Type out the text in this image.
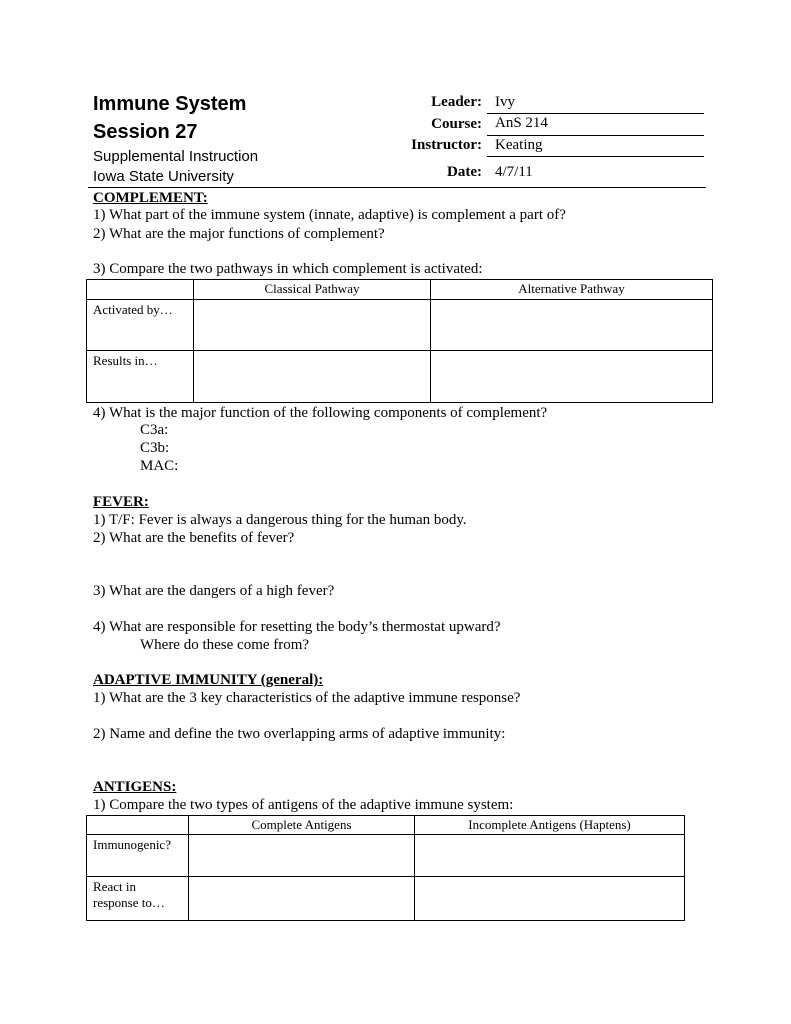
Immune System
Session 27
Supplemental Instruction
Iowa State University
Leader: Ivy
Course: AnS 214
Instructor: Keating
Date: 4/7/11
COMPLEMENT:
1) What part of the immune system (innate, adaptive) is complement a part of?
2) What are the major functions of complement?
3) Compare the two pathways in which complement is activated:
	Classical Pathway	Alternative Pathway
Activated by…		
Results in…		
4) What is the major function of the following components of complement?
C3a:
C3b:
MAC:
FEVER:
1) T/F: Fever is always a dangerous thing for the human body.
2) What are the benefits of fever?
3) What are the dangers of a high fever?
4) What are responsible for resetting the body’s thermostat upward?
Where do these come from?
ADAPTIVE IMMUNITY (general):
1) What are the 3 key characteristics of the adaptive immune response?
2) Name and define the two overlapping arms of adaptive immunity:
ANTIGENS:
1) Compare the two types of antigens of the adaptive immune system:
	Complete Antigens	Incomplete Antigens (Haptens)
Immunogenic?		
React in
response to…		
